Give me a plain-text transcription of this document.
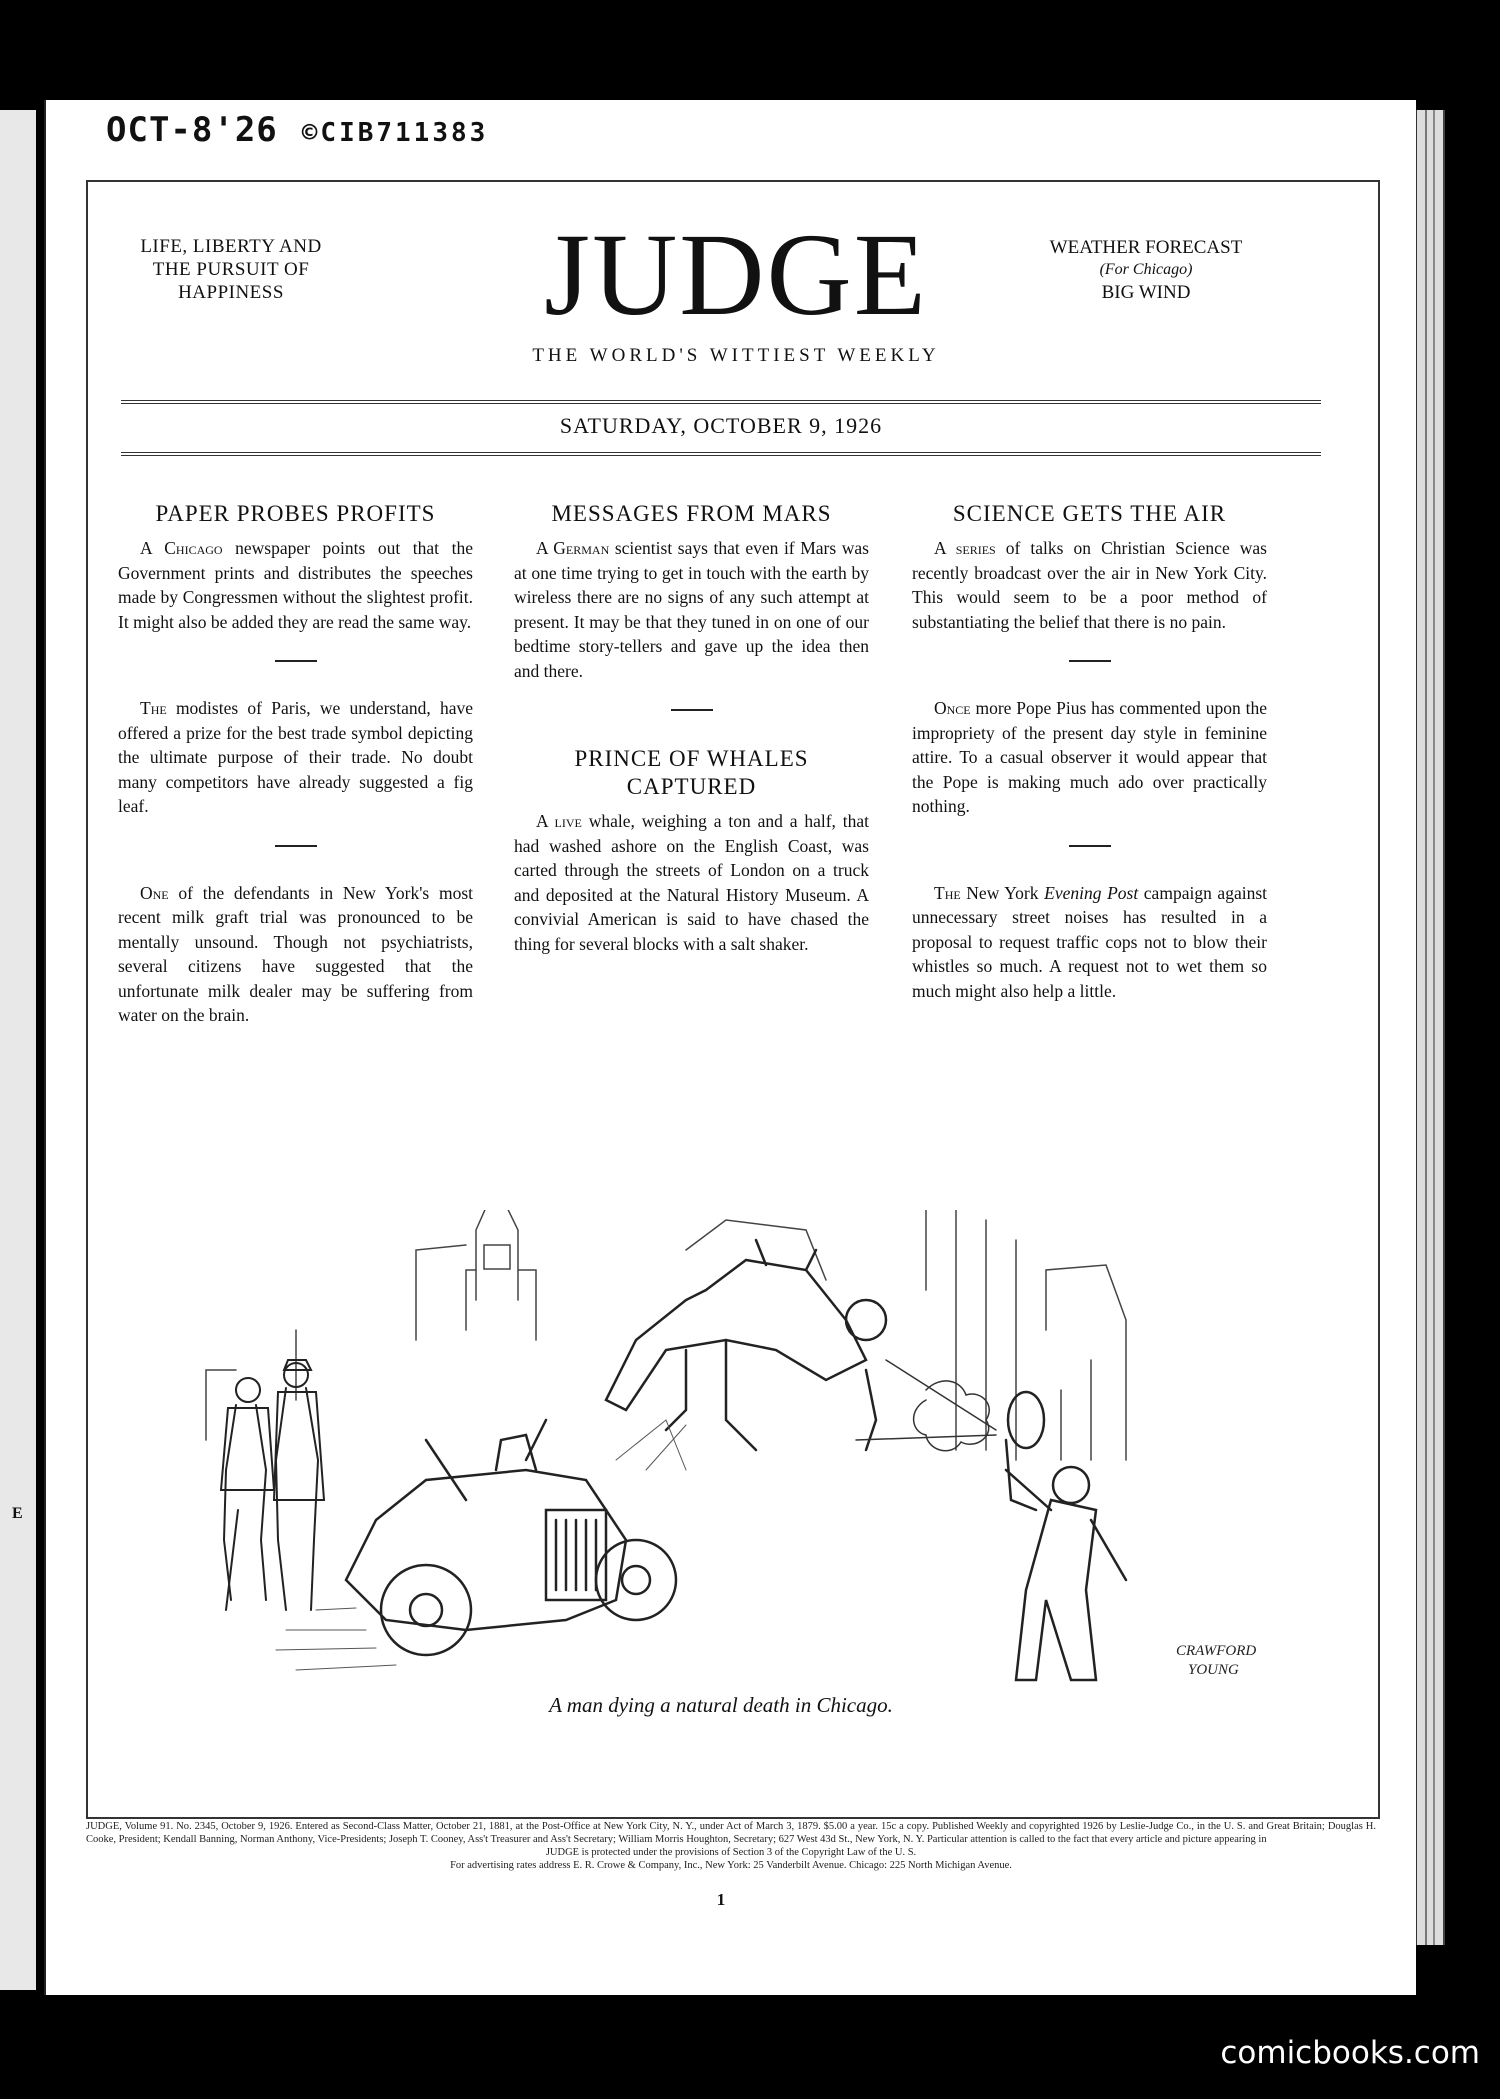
E
OCT-8'26 ©CIB711383
LIFE, LIBERTY AND
THE PURSUIT OF
HAPPINESS	JUDGE
THE WORLD'S WITTIEST WEEKLY
WEATHER FORECAST
(For Chicago)
BIG WIND
SATURDAY, OCTOBER 9, 1926
PAPER PROBES PROFITS

A Chicago newspaper points out that the Government prints and distributes the speeches made by Congressmen without the slightest profit. It might also be added they are read the same way.

The modistes of Paris, we understand, have offered a prize for the best trade symbol depicting the ultimate purpose of their trade. No doubt many competitors have already suggested a fig leaf.

One of the defendants in New York's most recent milk graft trial was pronounced to be mentally unsound. Though not psychiatrists, several citizens have suggested that the unfortunate milk dealer may be suffering from water on the brain.

MESSAGES FROM MARS

A German scientist says that even if Mars was at one time trying to get in touch with the earth by wireless there are no signs of any such attempt at present. It may be that they tuned in on one of our bedtime story-tellers and gave up the idea then and there.

PRINCE OF WHALES CAPTURED

A live whale, weighing a ton and a half, that had washed ashore on the English Coast, was carted through the streets of London on a truck and deposited at the Natural History Museum. A convivial American is said to have chased the thing for several blocks with a salt shaker.

SCIENCE GETS THE AIR

A series of talks on Christian Science was recently broadcast over the air in New York City. This would seem to be a poor method of substantiating the belief that there is no pain.

Once more Pope Pius has commented upon the impropriety of the present day style in feminine attire. To a casual observer it would appear that the Pope is making much ado over practically nothing.

The New York Evening Post campaign against unnecessary street noises has resulted in a proposal to request traffic cops not to blow their whistles so much. A request not to wet them so much might also help a little.

CRAWFORD
YOUNG
A man dying a natural death in Chicago.
JUDGE, Volume 91. No. 2345, October 9, 1926. Entered as Second-Class Matter, October 21, 1881, at the Post-Office at New York City, N. Y., under Act of March 3, 1879. $5.00 a year. 15c a copy. Published Weekly and copyrighted 1926 by Leslie-Judge Co., in the U. S. and Great Britain; Douglas H. Cooke, President; Kendall Banning, Norman Anthony, Vice-Presidents; Joseph T. Cooney, Ass't Treasurer and Ass't Secretary; William Morris Houghton, Secretary; 627 West 43d St., New York, N. Y. Particular attention is called to the fact that every article and picture appearing in
JUDGE is protected under the provisions of Section 3 of the Copyright Law of the U. S.
For advertising rates address E. R. Crowe & Company, Inc., New York: 25 Vanderbilt Avenue. Chicago: 225 North Michigan Avenue.
1
comicbooks.com
